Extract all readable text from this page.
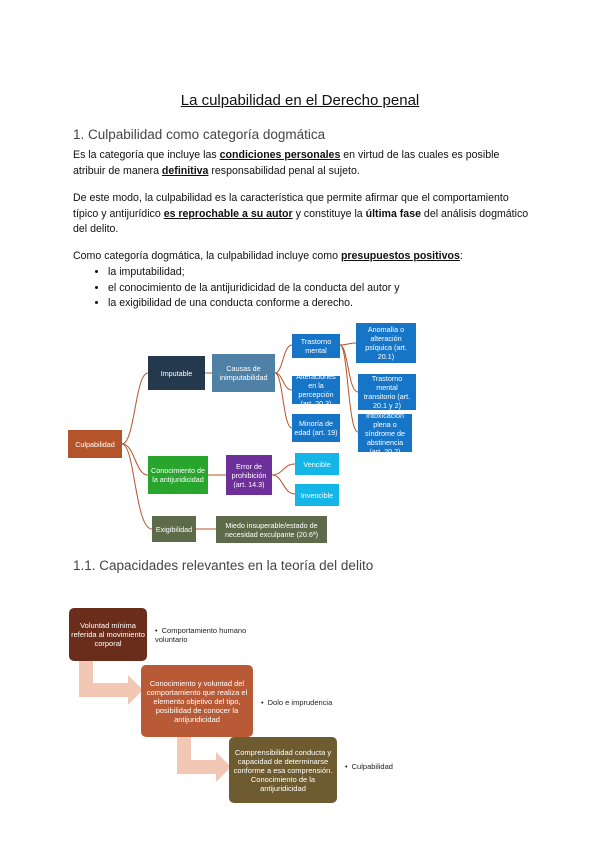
La culpabilidad en el Derecho penal
1. Culpabilidad como categoría dogmática

Es la categoría que incluye las condiciones personales en virtud de las cuales es posible atribuir de manera definitiva responsabilidad penal al sujeto.

De este modo, la culpabilidad es la característica que permite afirmar que el comportamiento típico y antijurídico es reprochable a su autor y constituye la última fase del análisis dogmático del delito.

Como categoría dogmática, la culpabilidad incluye como presupuestos positivos:

• la imputabilidad;
• el conocimiento de la antijuridicidad de la conducta del autor y
• la exigibilidad de una conducta conforme a derecho.
Culpabilidad
Imputable	Causas de inimputabilidad
Trastorno mental
Alteraciones en la percepción (art. 20.3)
Minoría de edad (art. 19)
Anomalía o alteración psíquica (art. 20.1)
Trastorno mental transitorio (art. 20.1 y 2)
Intoxicación plena o síndrome de abstinencia (art. 20.2)
Conocimiento de la antijuridicidad
Error de prohibición (art. 14.3)
Vencible
Invencible
Exigibilidad	Miedo insuperable/estado de necesidad exculpante (20.6ª)
1.1. Capacidades relevantes en la teoría del delito
Voluntad mínima referida al movimiento corporal
• Comportamiento humano voluntario
Conocimiento y voluntad del comportamiento que realiza el elemento objetivo del tipo, posibilidad de conocer la antijuridicidad
• Dolo e imprudencia
Comprensibilidad conducta y capacidad de determinarse conforme a esa comprensión. Conocimiento de la antijuridicidad
• Culpabilidad
